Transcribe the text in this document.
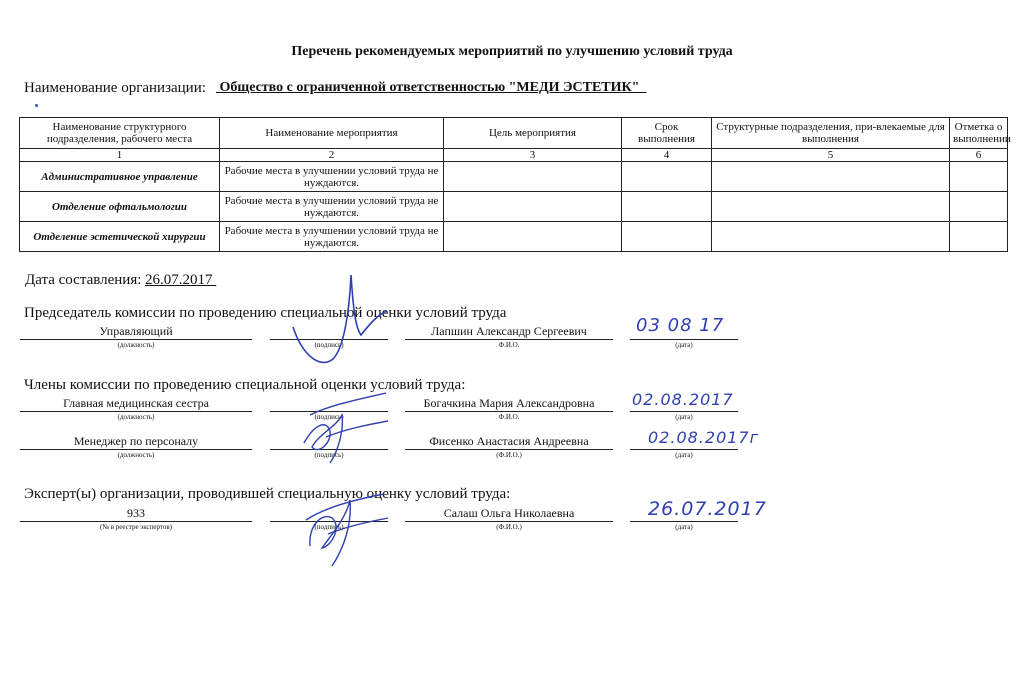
Перечень рекомендуемых мероприятий по улучшению условий труда
Наименование организации: Общество с ограниченной ответственностью "МЕДИ ЭСТЕТИК"
Наименование структурного подразделения, рабочего места	Наименование мероприятия	Цель мероприятия	Срок выполнения	Структурные подразделения, при-влекаемые для выполнения	Отметка о выполнении
1	2	3	4	5	6
Административное управление	Рабочие места в улучшении условий труда не нуждаются.				
Отделение офтальмологии	Рабочие места в улучшении условий труда не нуждаются.				
Отделение эстетической хирургии	Рабочие места в улучшении условий труда не нуждаются.				
Дата составления: 26.07.2017
Председатель комиссии по проведению специальной оценки условий труда
Управляющий
(должность)	(подпись)
Лапшин Александр Сергеевич
Ф.И.О.	(дата)
03 08 17
Члены комиссии по проведению специальной оценки условий труда:
Главная медицинская сестра
(должность)	(подпись)
Богачкина Мария Александровна
Ф.И.О.	(дата)
02.08.2017
Менеджер по персоналу
(должность)	(подпись)
Фисенко Анастасия Андреевна
(Ф.И.О.)	(дата)
02.08.2017г
Эксперт(ы) организации, проводившей специальную оценку условий труда:
933
(№ в реестре экспертов)	(подпись)
Салаш Ольга Николаевна
(Ф.И.О.)	(дата)
26.07.2017
